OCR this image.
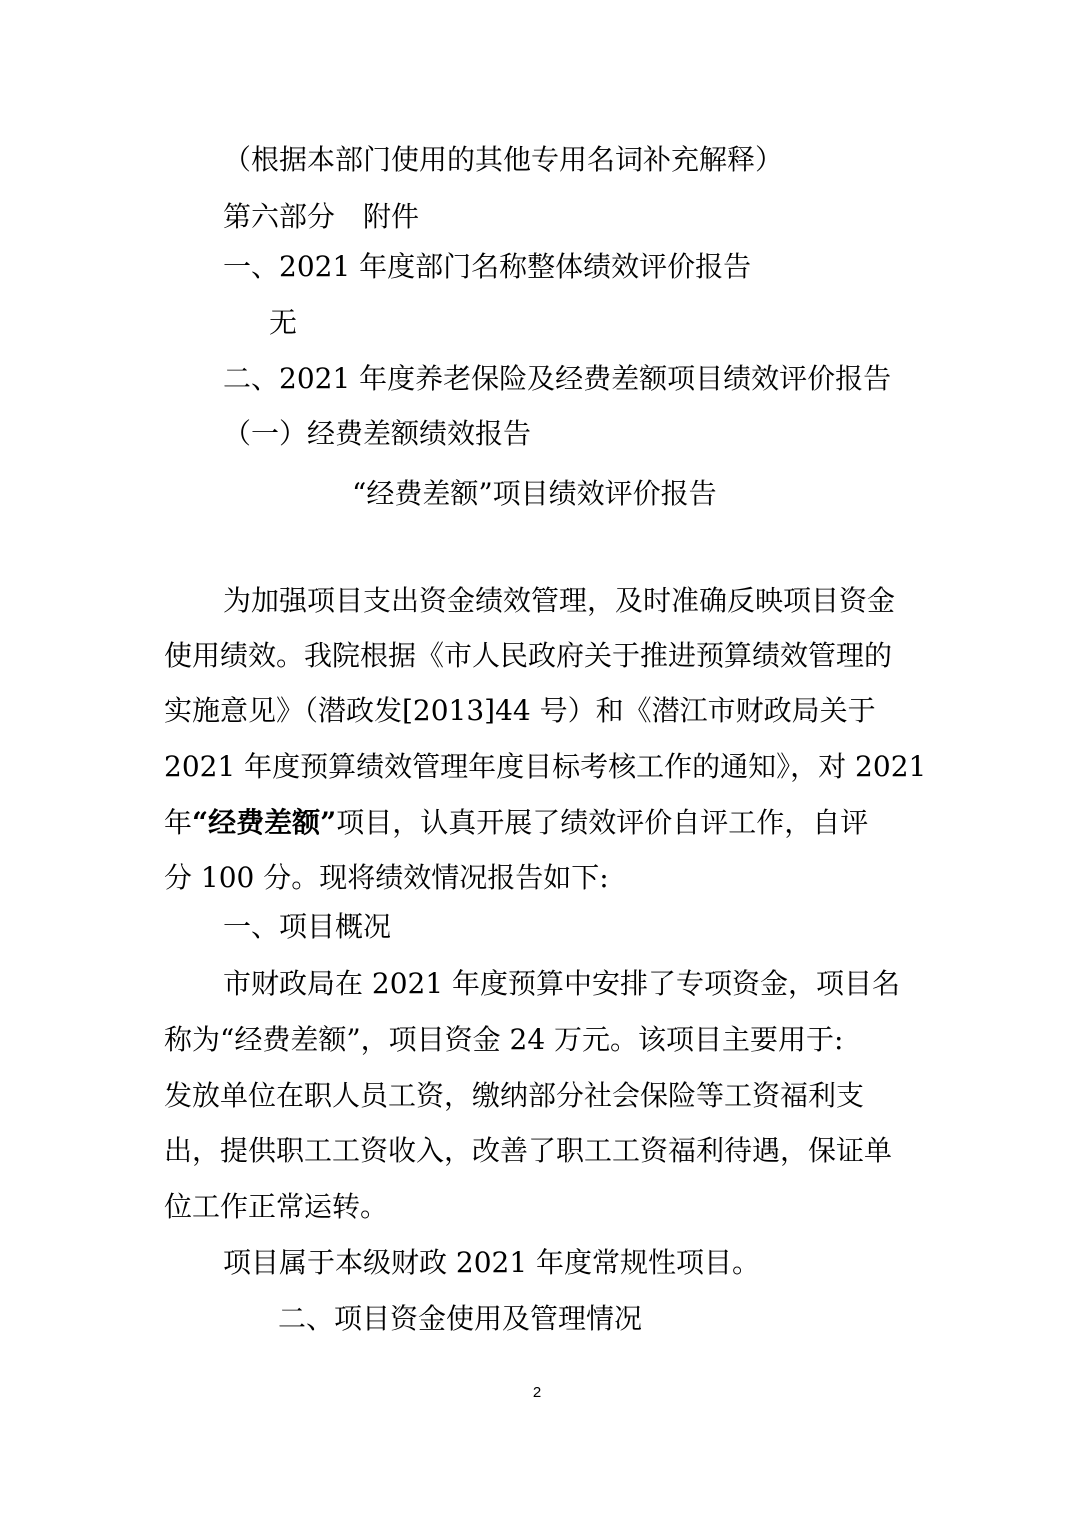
（根据本部门使用的其他专用名词补充解释）

第六部分　附件

一、2021 年度部门名称整体绩效评价报告

无

二、2021 年度养老保险及经费差额项目绩效评价报告

（一）经费差额绩效报告

“经费差额”项目绩效评价报告

为加强项目支出资金绩效管理，及时准确反映项目资金

使用绩效。我院根据《市人民政府关于推进预算绩效管理的

实施意见》（潜政发[2013]44 号）和《潜江市财政局关于

2021 年度预算绩效管理年度目标考核工作的通知》，对 2021

年“经费差额”项目，认真开展了绩效评价自评工作，自评

分 100 分。现将绩效情况报告如下:

一、项目概况

市财政局在 2021 年度预算中安排了专项资金，项目名

称为“经费差额”，项目资金 24 万元。该项目主要用于:

发放单位在职人员工资，缴纳部分社会保险等工资福利支

出，提供职工工资收入，改善了职工工资福利待遇，保证单

位工作正常运转。

项目属于本级财政 2021 年度常规性项目。

二、项目资金使用及管理情况

2
